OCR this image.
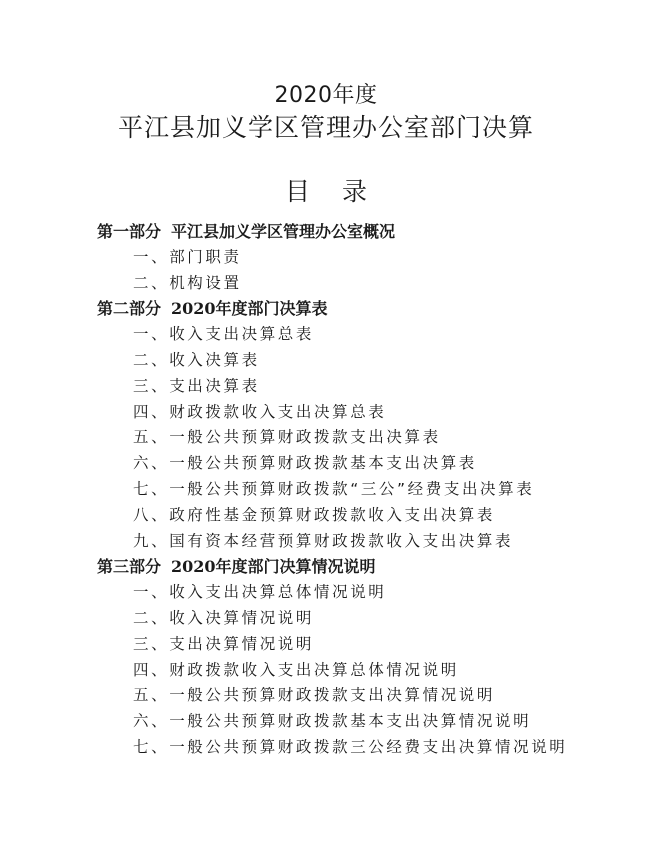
2020年度
平江县加义学区管理办公室部门决算
目 录
第一部分 平江县加义学区管理办公室概况
一、部门职责
二、机构设置
第二部分 2020年度部门决算表
一、收入支出决算总表
二、收入决算表
三、支出决算表
四、财政拨款收入支出决算总表
五、一般公共预算财政拨款支出决算表
六、一般公共预算财政拨款基本支出决算表
七、一般公共预算财政拨款“三公”经费支出决算表
八、政府性基金预算财政拨款收入支出决算表
九、国有资本经营预算财政拨款收入支出决算表
第三部分 2020年度部门决算情况说明
一、收入支出决算总体情况说明
二、收入决算情况说明
三、支出决算情况说明
四、财政拨款收入支出决算总体情况说明
五、一般公共预算财政拨款支出决算情况说明
六、一般公共预算财政拨款基本支出决算情况说明
七、一般公共预算财政拨款三公经费支出决算情况说明
